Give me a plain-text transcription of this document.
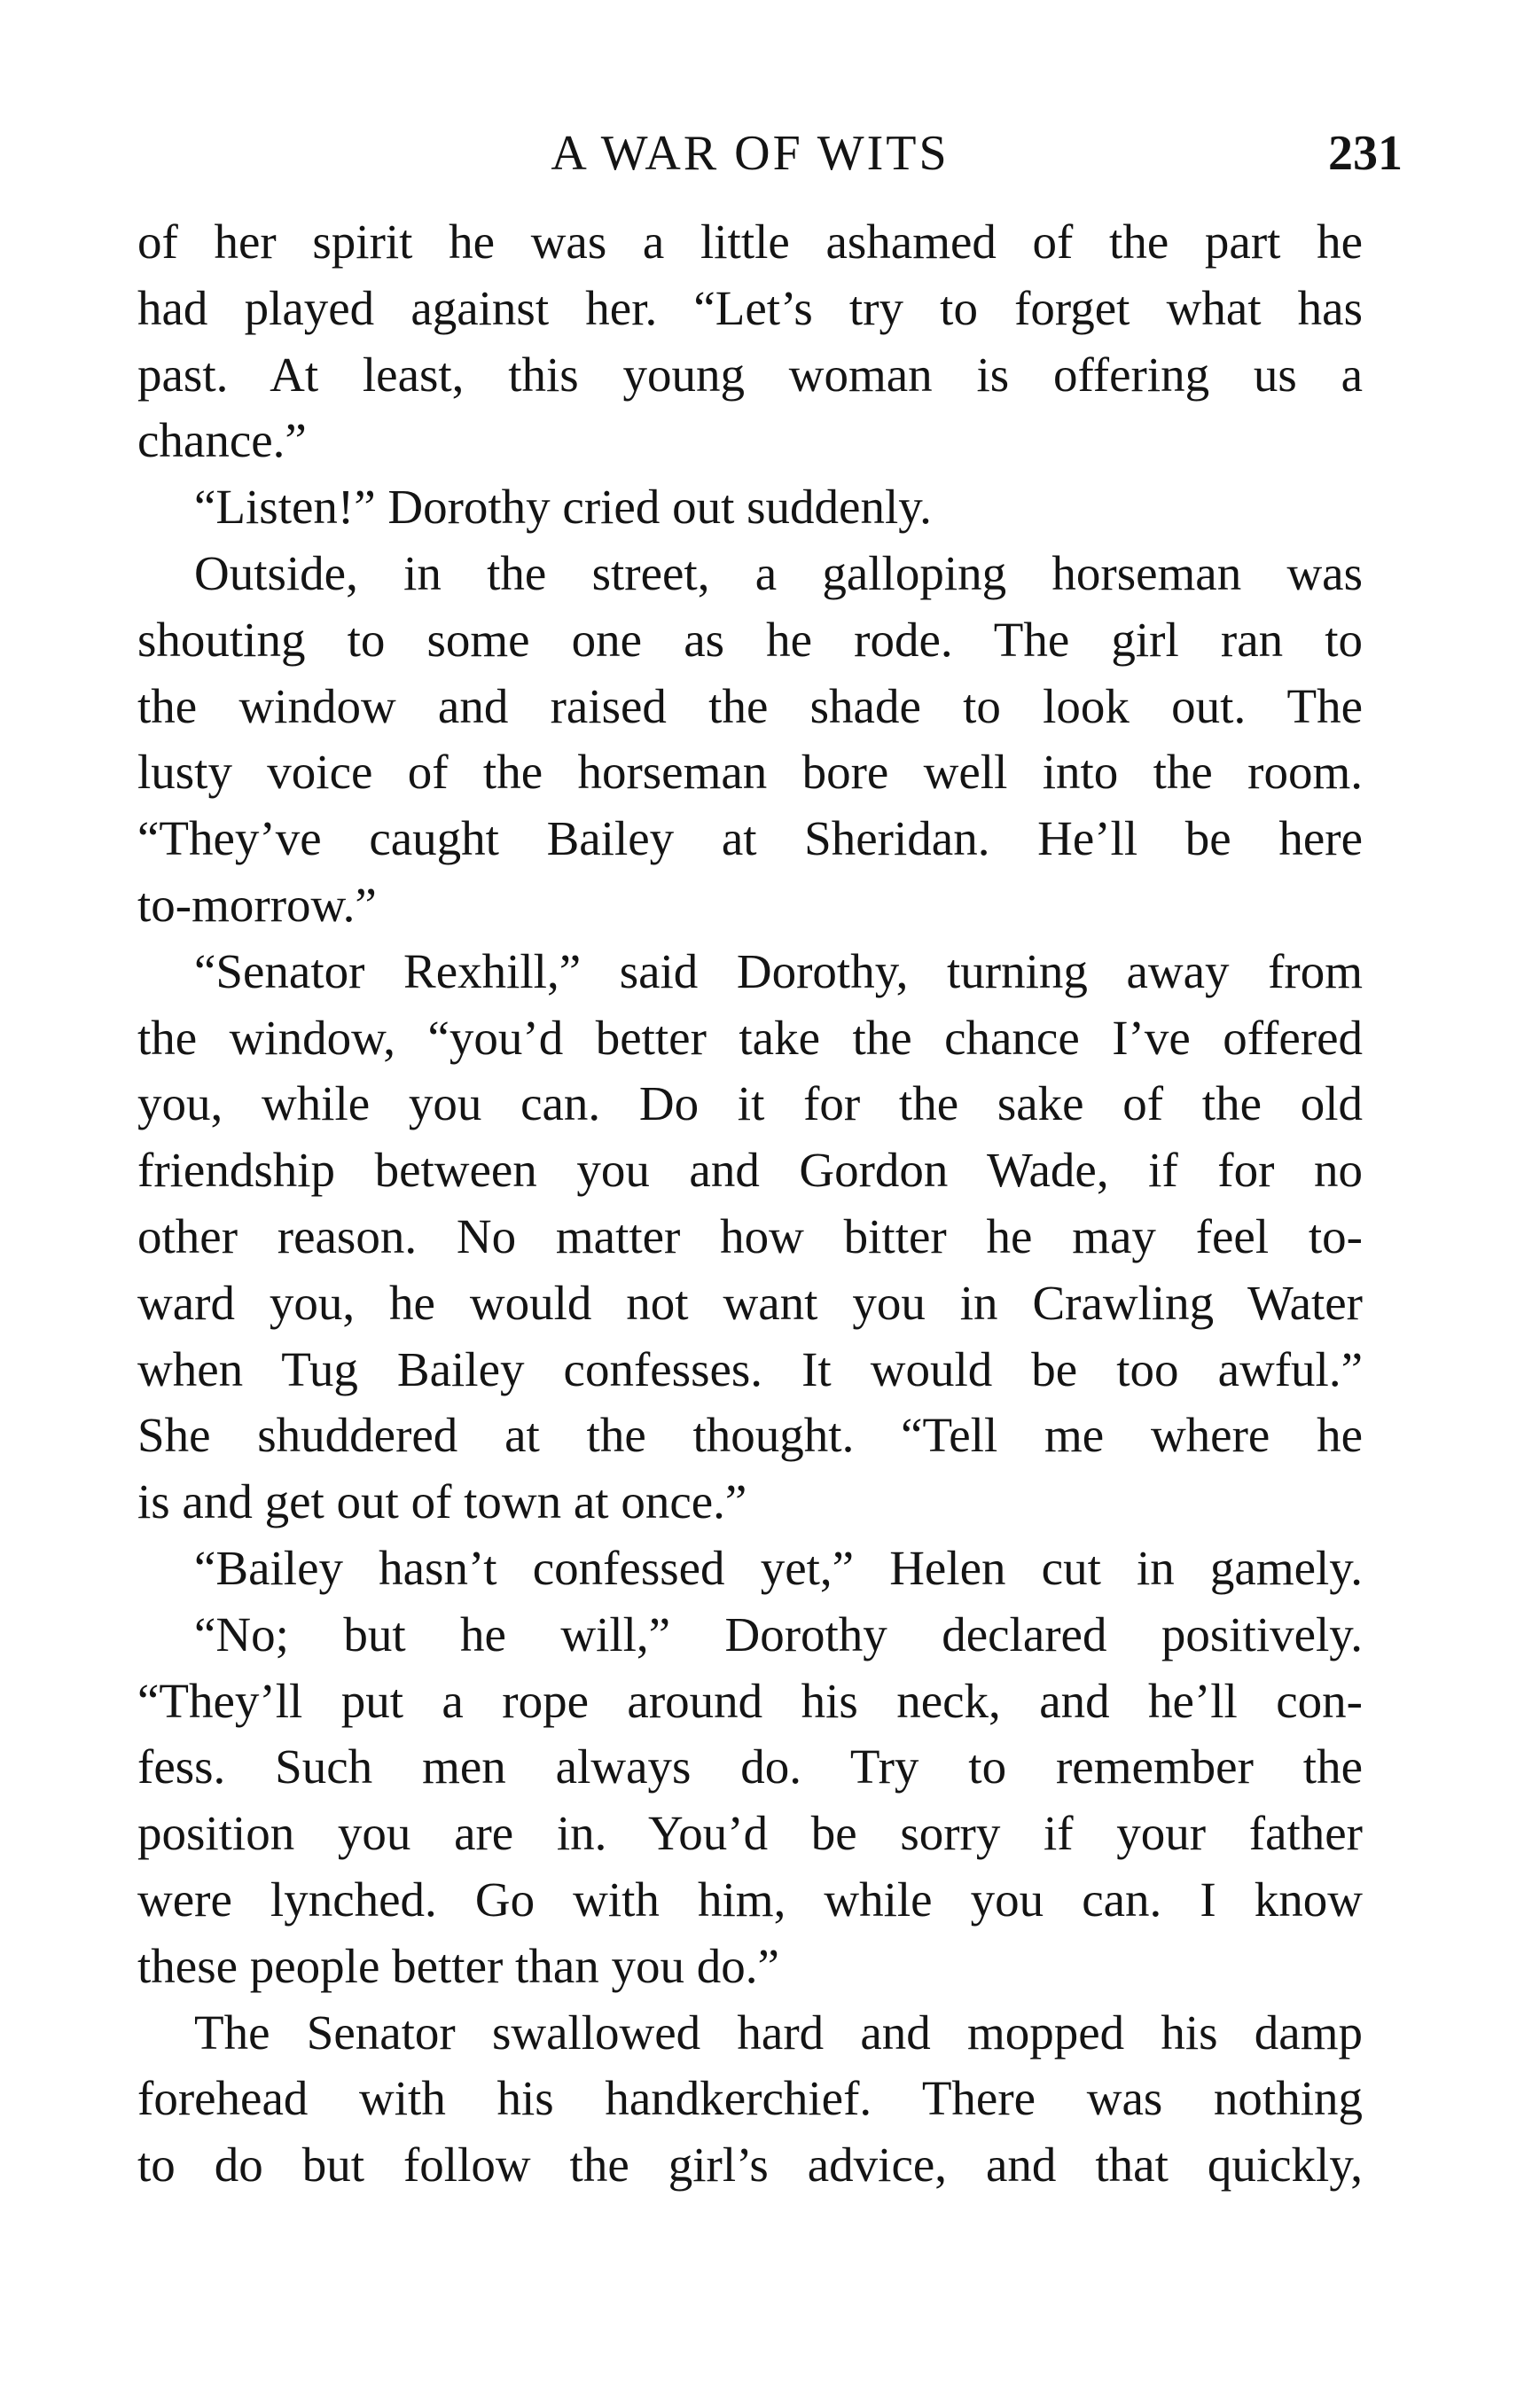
A WAR OF WITS	231

of her spirit he was a little ashamed of the part he

had played against her. “Let’s try to forget what has

past. At least, this young woman is offering us a

chance.”

“Listen!” Dorothy cried out suddenly.

Outside, in the street, a galloping horseman was

shouting to some one as he rode. The girl ran to

the window and raised the shade to look out. The

lusty voice of the horseman bore well into the room.

“They’ve caught Bailey at Sheridan. He’ll be here

to-morrow.”

“Senator Rexhill,” said Dorothy, turning away from

the window, “you’d better take the chance I’ve offered

you, while you can. Do it for the sake of the old

friendship between you and Gordon Wade, if for no

other reason. No matter how bitter he may feel to-

ward you, he would not want you in Crawling Water

when Tug Bailey confesses. It would be too awful.”

She shuddered at the thought. “Tell me where he

is and get out of town at once.”

“Bailey hasn’t confessed yet,” Helen cut in gamely.

“No; but he will,” Dorothy declared positively.

“They’ll put a rope around his neck, and he’ll con-

fess. Such men always do. Try to remember the

position you are in. You’d be sorry if your father

were lynched. Go with him, while you can. I know

these people better than you do.”

The Senator swallowed hard and mopped his damp

forehead with his handkerchief. There was nothing

to do but follow the girl’s advice, and that quickly,
